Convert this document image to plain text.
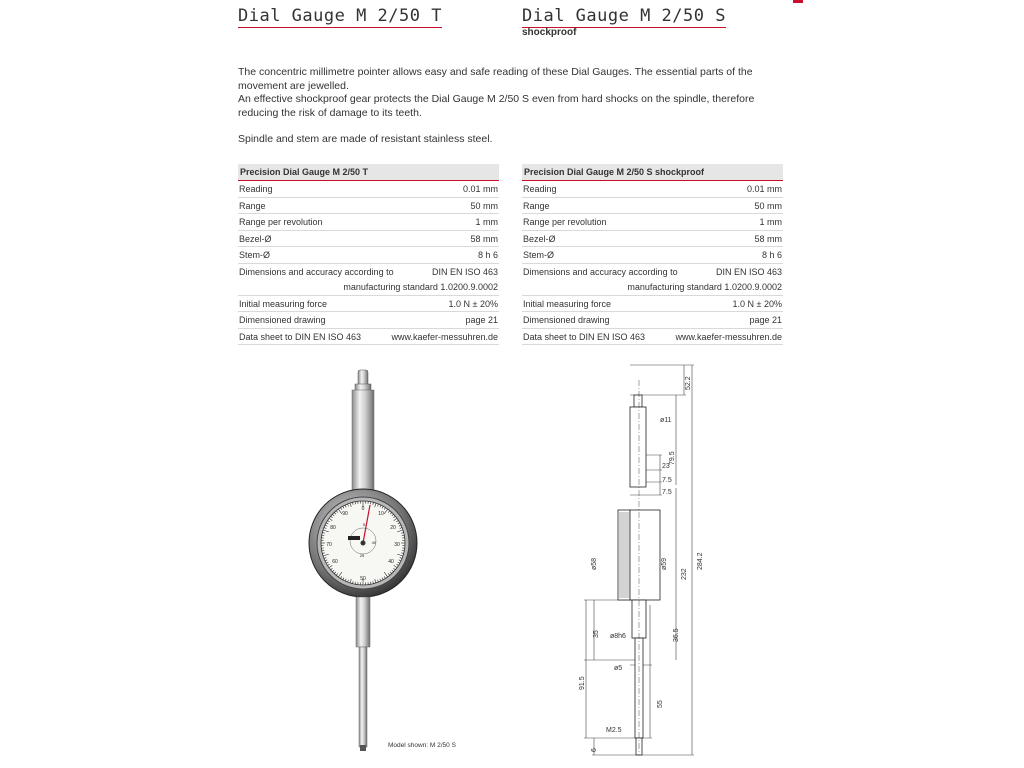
Dial Gauge M 2/50 T	Dial Gauge M 2/50 S
shockproof

The concentric millimetre pointer allows easy and safe reading of these Dial Gauges. The essential parts of the movement are jewelled.

An effective shockproof gear protects the Dial Gauge M 2/50 S even from hard shocks on the spindle, therefore reducing the risk of damage to its teeth.

Spindle and stem are made of resistant stainless steel.

Precision Dial Gauge M 2/50 T
Reading	0.01 mm
Range	50 mm
Range per revolution	1 mm
Bezel-Ø	58 mm
Stem-Ø	8 h 6
Dimensions and accuracy according to	DIN EN ISO 463
manufacturing standard 1.0200.9.0002
Initial measuring force	1.0 N ± 20%
Dimensioned drawing	page 21
Data sheet to DIN EN ISO 463	www.kaefer-messuhren.de
Precision Dial Gauge M 2/50 S shockproof
Reading	0.01 mm
Range	50 mm
Range per revolution	1 mm
Bezel-Ø	58 mm
Stem-Ø	8 h 6
Dimensions and accuracy according to	DIN EN ISO 463
manufacturing standard 1.0200.9.0002
Initial measuring force	1.0 N ± 20%
Dimensioned drawing	page 21
Data sheet to DIN EN ISO 463	www.kaefer-messuhren.de
0
10
20
30
40
50
60
70
80
90
5
45
25
Model shown: M 2/50 S
52.2
ø11
79.5
23
7.5
7.5
ø58	ø59
232
284.2
35 ø8h6	36.5
91.5
ø5
55
M2.5
6
